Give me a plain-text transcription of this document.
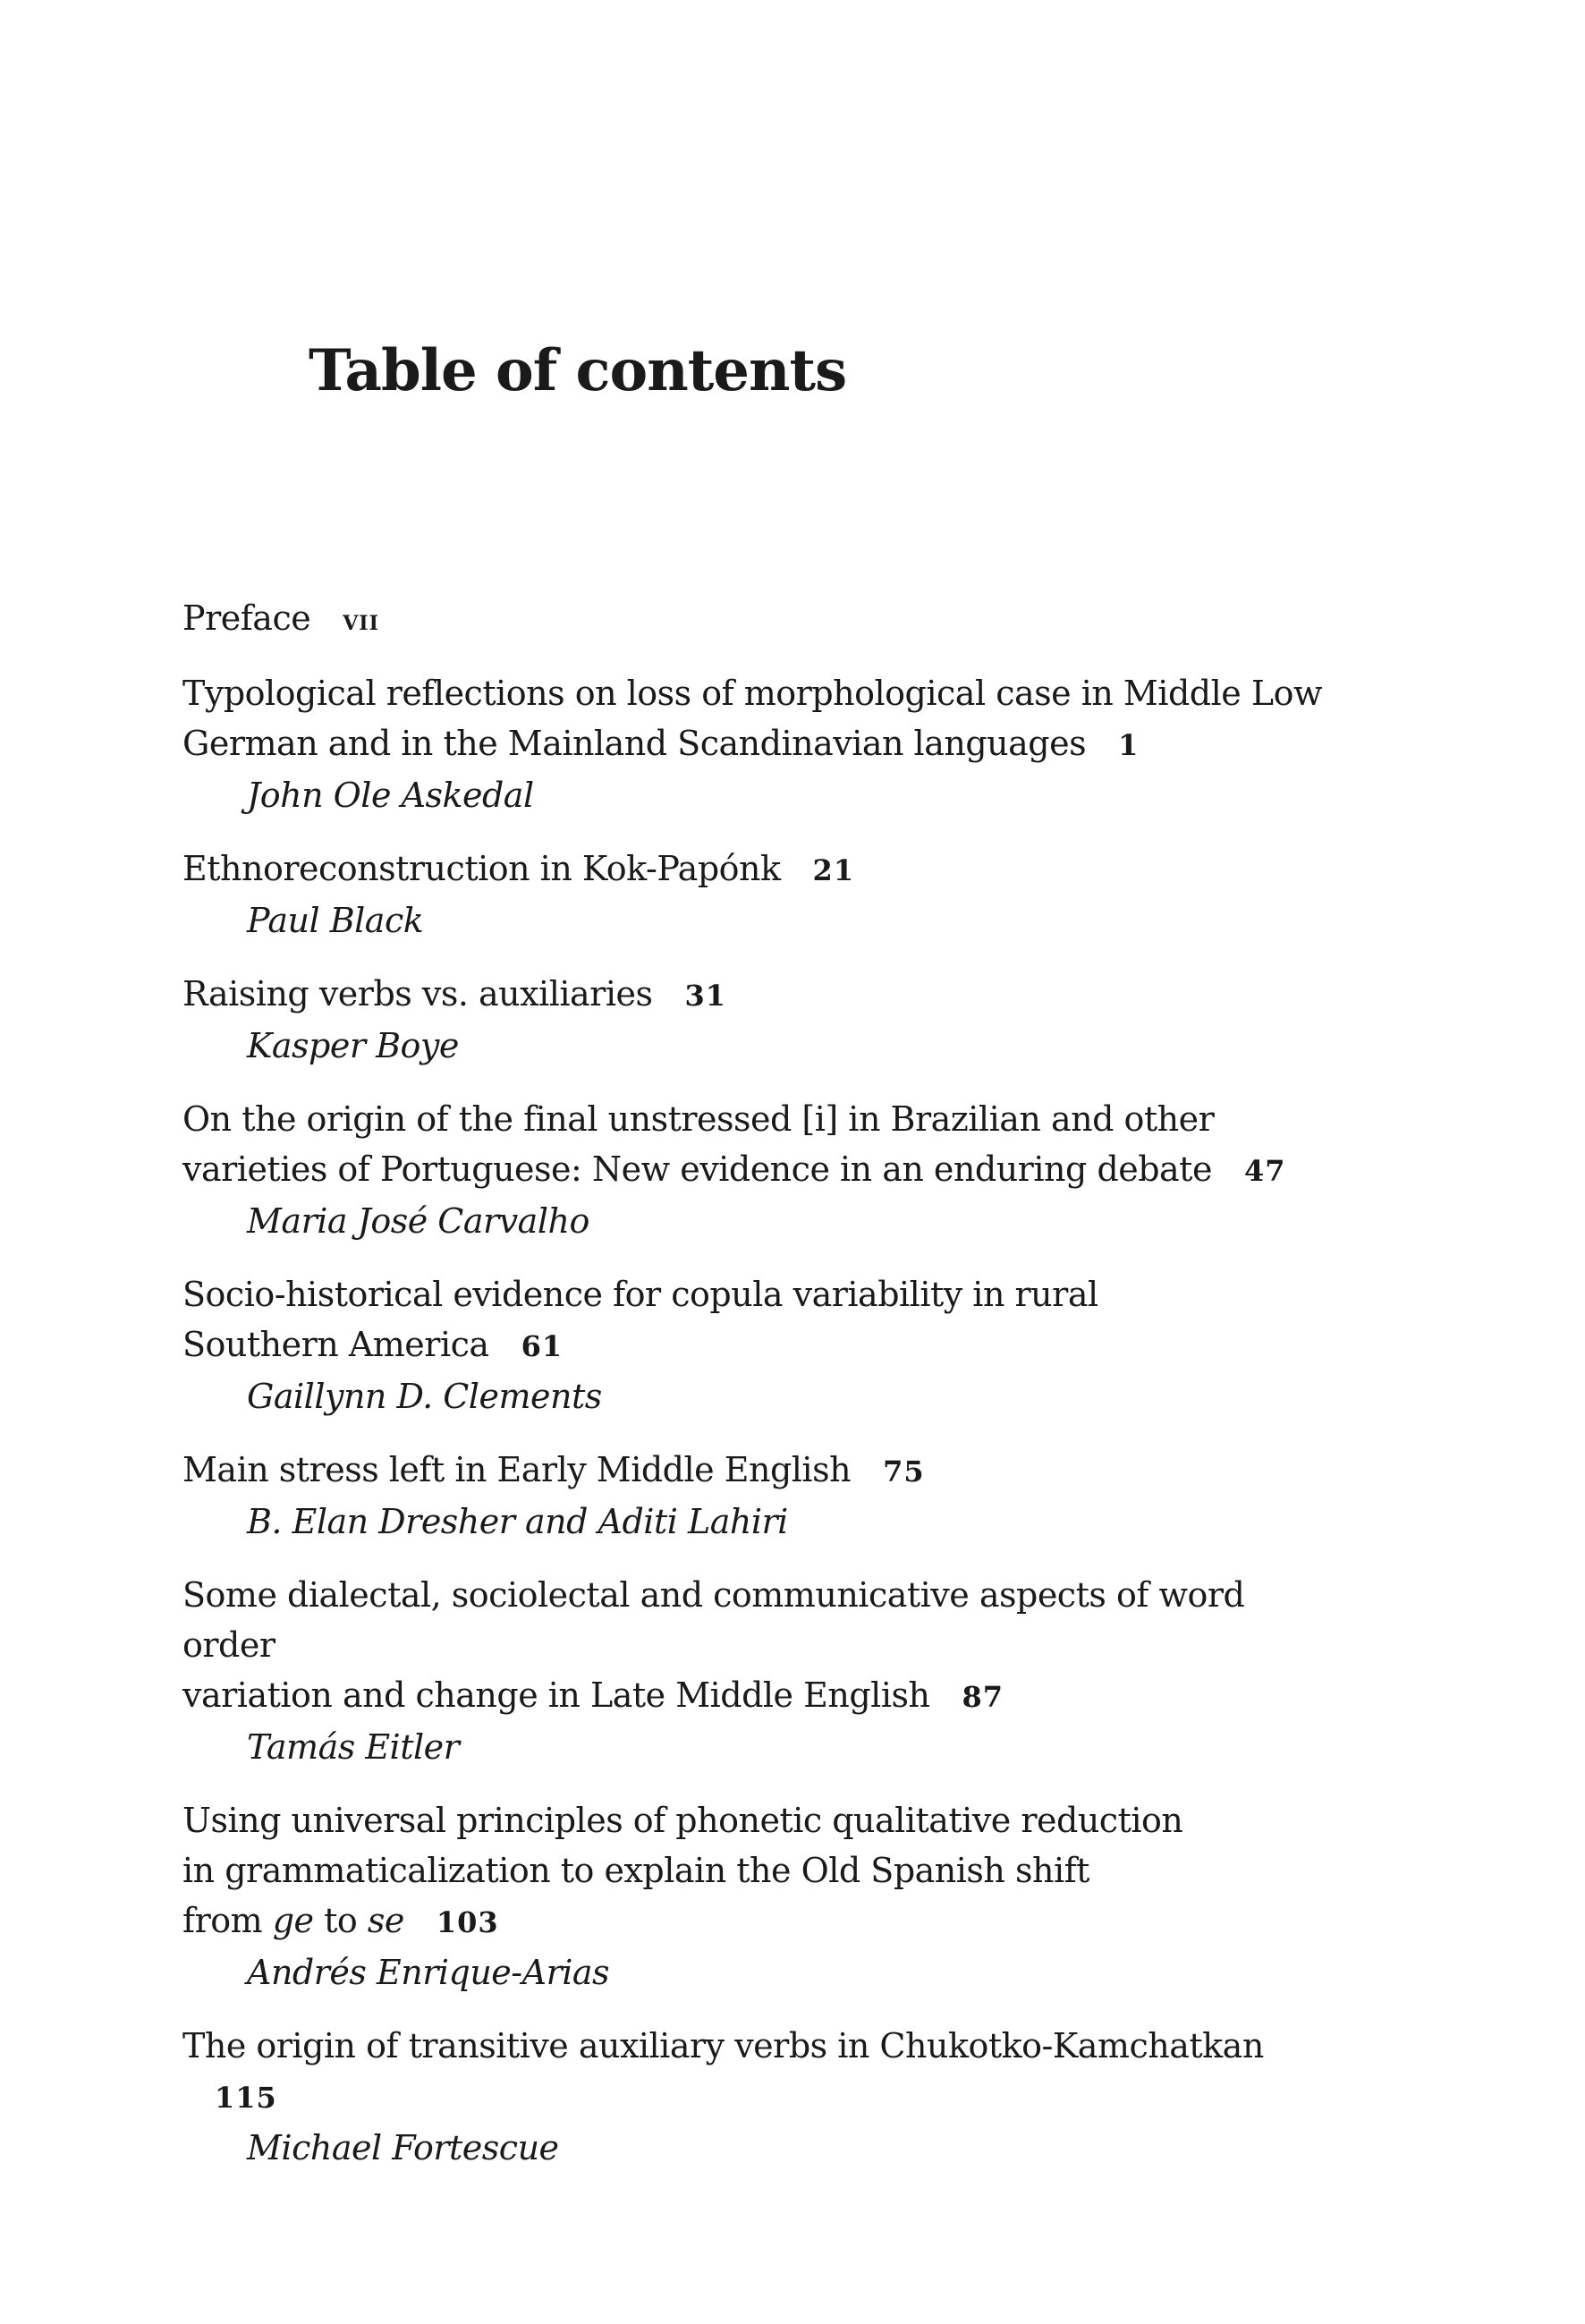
Table of contents
Preface vii
Typological reflections on loss of morphological case in Middle Low
German and in the Mainland Scandinavian languages 1
John Ole Askedal
Ethnoreconstruction in Kok-Papónk 21
Paul Black
Raising verbs vs. auxiliaries 31
Kasper Boye
On the origin of the final unstressed [i] in Brazilian and other
varieties of Portuguese: New evidence in an enduring debate 47
Maria José Carvalho
Socio-historical evidence for copula variability in rural
Southern America 61
Gaillynn D. Clements
Main stress left in Early Middle English 75
B. Elan Dresher and Aditi Lahiri
Some dialectal, sociolectal and communicative aspects of word order
variation and change in Late Middle English 87
Tamás Eitler
Using universal principles of phonetic qualitative reduction
in grammaticalization to explain the Old Spanish shift
from ge to se 103
Andrés Enrique-Arias
The origin of transitive auxiliary verbs in Chukotko-Kamchatkan115
Michael Fortescue
